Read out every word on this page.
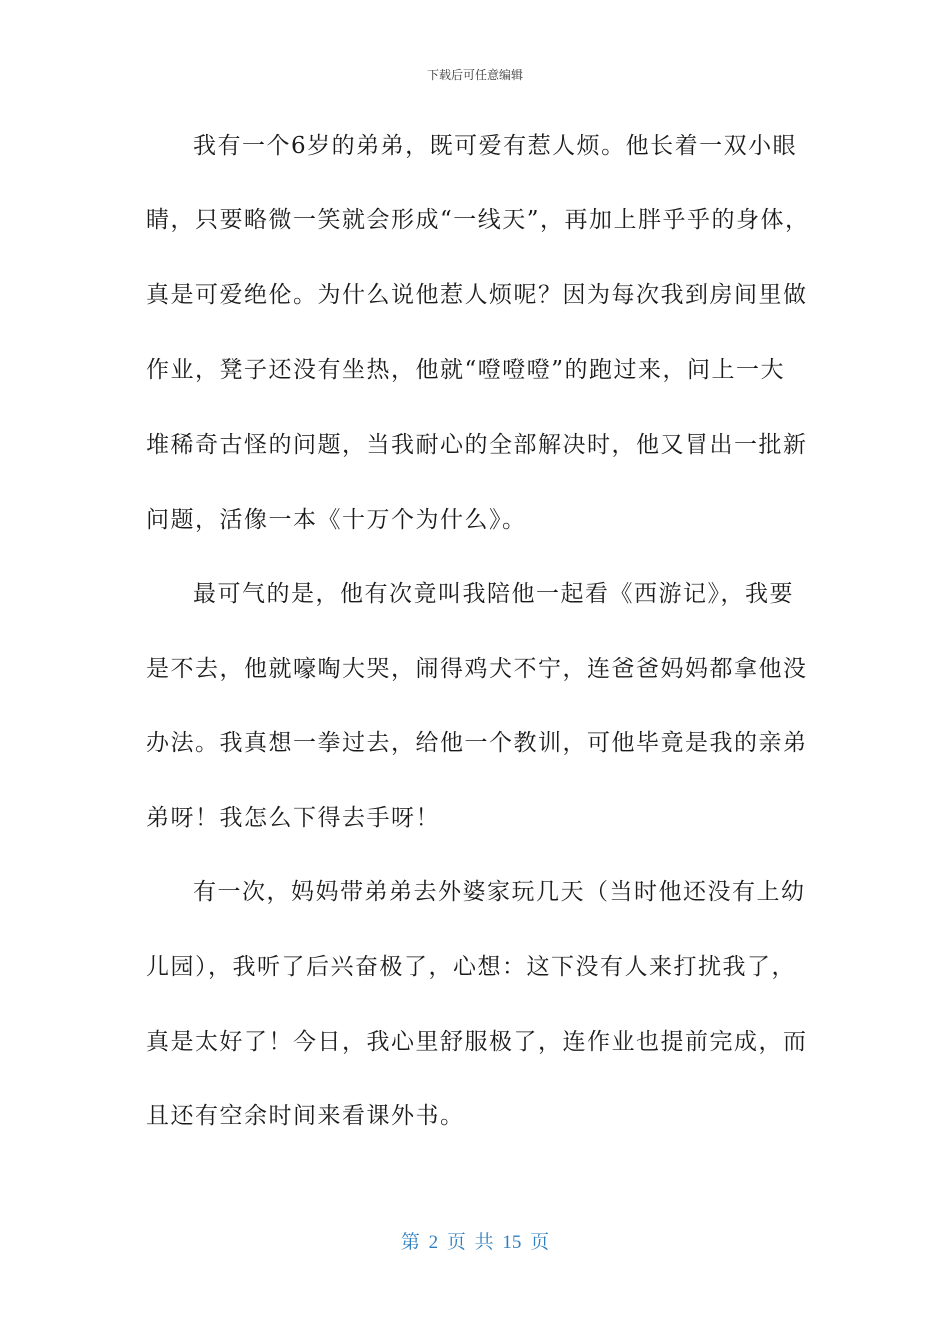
下载后可任意编辑
我有一个6岁的弟弟，既可爱有惹人烦。他长着一双小眼
睛，只要略微一笑就会形成“一线天”，再加上胖乎乎的身体，
真是可爱绝伦。为什么说他惹人烦呢？因为每次我到房间里做
作业，凳子还没有坐热，他就“噔噔噔”的跑过来，问上一大
堆稀奇古怪的问题，当我耐心的全部解决时，他又冒出一批新
问题，活像一本《十万个为什么》。
最可气的是，他有次竟叫我陪他一起看《西游记》，我要
是不去，他就嚎啕大哭，闹得鸡犬不宁，连爸爸妈妈都拿他没
办法。我真想一拳过去，给他一个教训，可他毕竟是我的亲弟
弟呀！我怎么下得去手呀！
有一次，妈妈带弟弟去外婆家玩几天（当时他还没有上幼
儿园），我听了后兴奋极了，心想：这下没有人来打扰我了，
真是太好了！今日，我心里舒服极了，连作业也提前完成，而
且还有空余时间来看课外书。
第 2 页 共 15 页
